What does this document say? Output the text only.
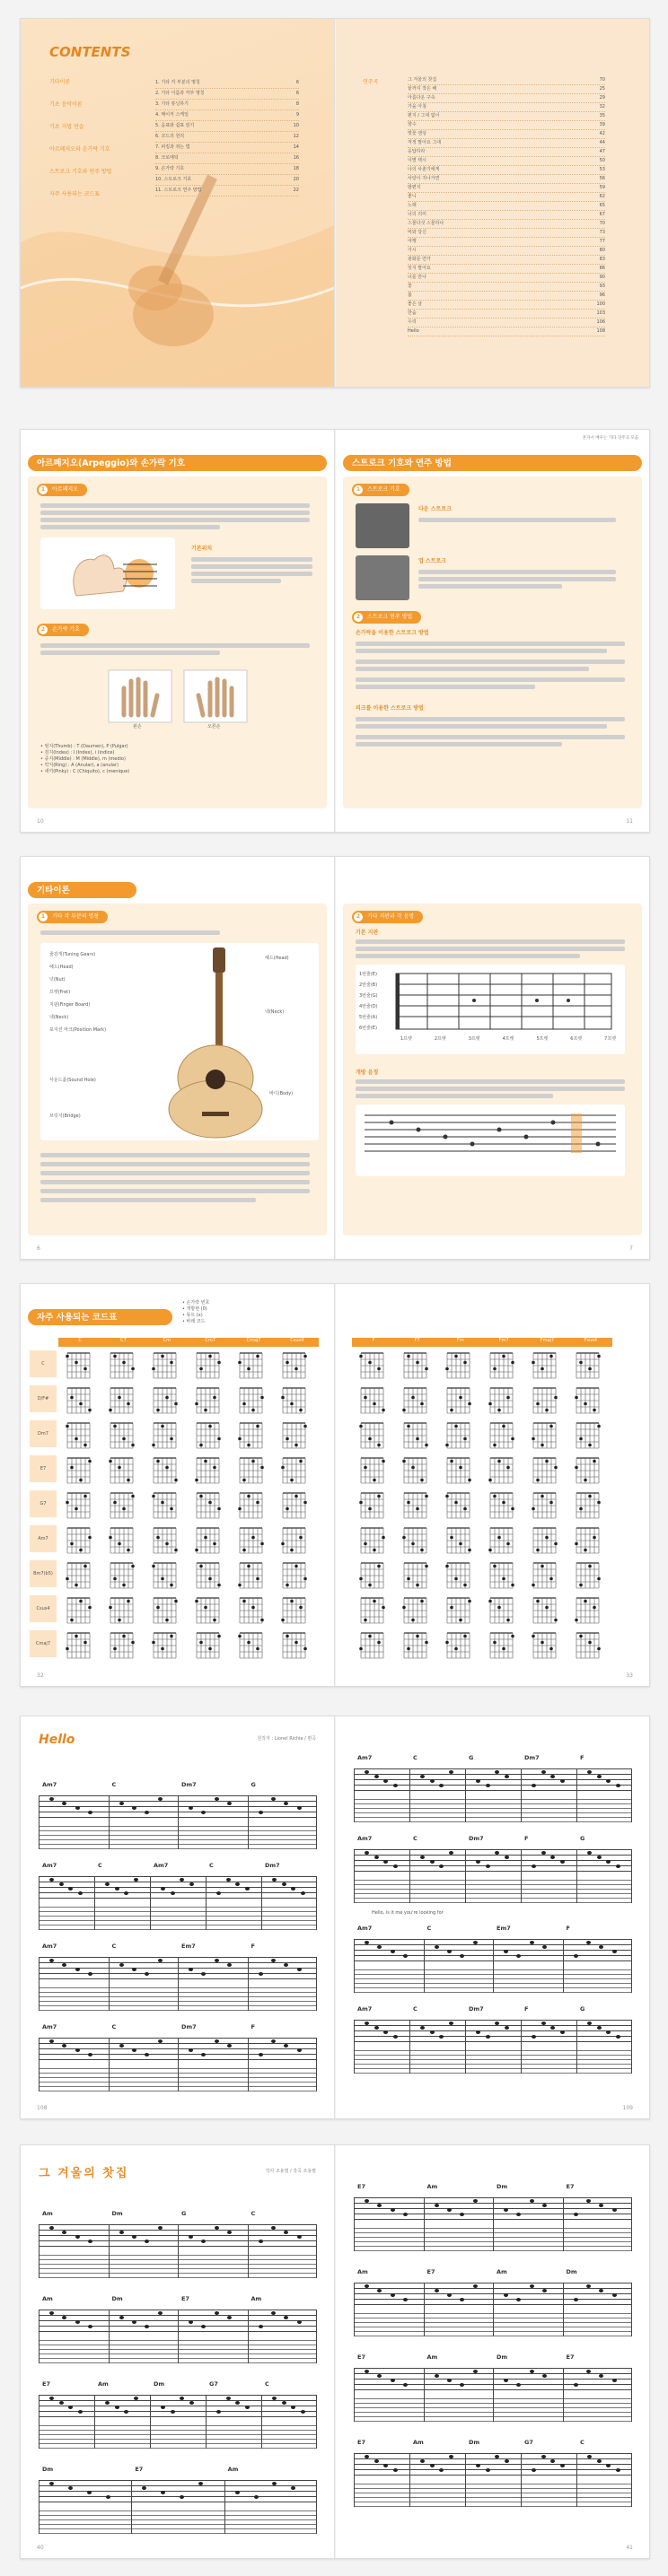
CONTENTS
기타이론
기초 음악이론
기초 지법 연습
아르페지오와 손가락 기호
스트로크 기호와 연주 방법
자주 사용되는 코드표
1. 기타 각 부분의 명칭	6
2. 기타 이름과 각부 명칭	6
3. 기타 튜닝하기	8
4. 메이저 스케일	9
5. 음표와 쉼표 읽기	10
6. 코드의 원리	12
7. 피킹과 쥐는 법	14
8. 크로매틱	16
9. 손가락 기호	18
10. 스트로크 기호	20
11. 스트로크 연주 방법	22
연주곡	그 겨울의 찻집	70
끝까지 작은 배	25
아름다운 구속	29
가을 아침	32
편지 / 그대 없이	35
향수	39
벚꽃 엔딩	42
걱정 말아요 그대	44
응답하라	47
이별 택시	50
나의 사춘기에게	53
사랑이 지나가면	56
밤편지	59
좋니	62
노래	65
너의 의미	67
스물다섯 스물하나	70
비와 당신	73
여행	77
가시	80
광화문 연가	83
잊지 말아요	86
너를 만나	90
꽃	93
봄	96
좋은 날	100
한숨	103
우리	106
Hello	108
아르페지오(Arpeggio)와 손가락 기호
1	아르페지오
기본위치
2	손가락 기호
왼손	오른손
• 엄지(Thumb) : T (Daumen), P (Pulgar)
• 검지(Index) : I (Index), i (indice)
• 중지(Middle) : M (Middle), m (medio)
• 약지(Ring) : A (Anular), a (anular)
• 새끼(Pinky) : C (Chiquito), c (menique)
10
혼자서 배우는 기타 연주곡 모음
스트로크 기호와 연주 방법
1	스트로크 기호
다운 스트로크
업 스트로크
2	스트로크 연주 방법
손가락을 이용한 스트로크 방법
피크를 이용한 스트로크 방법
11
기타이론
1	기타 각 부분의 명칭
줄감개(Tuning Gears)
헤드(Head)
넛(Nut)
프렛(Fret)
지판(Finger Board)
넥(Neck)
포지션 마크(Position Mark)
사운드홀(Sound Hole)
브릿지(Bridge)
헤드(Head)
넥(Neck)
바디(Body)
6
2	기타 지판과 각 음명
기본 지판
1번줄(E)
2번줄(B)
3번줄(G)
4번줄(D)
5번줄(A)
6번줄(E)
1프렛	2프렛	3프렛	4프렛	5프렛	6프렛	7프렛
개방 음정
7
자주 사용되는 코드표
• 손가락 번호
• 개방현 (0)
• 뮤트 (x)
• 바레 코드
C	C7	Cm	Cm7	Cmaj7	Csus4
C
D/F#
Dm7
E7
G7
Am7
Bm7(b5)
Csus4
Cmaj7
32
F	F7	Fm	Fm7	Fmaj7	Fsus4
33
Hello	원작자 : Lionel Richie / 편곡
Am7	C	Dm7	G
Am7	C	Am7	C	Dm7
Am7	C	Em7	F
Am7	C	Dm7	F
108
Am7	C	G	Dm7	F
Am7	C	Dm7	F	G
Hello, is it me you're looking for
Am7	C	Em7	F
Am7	C	Dm7	F	G
109
그 겨울의 찻집	작사 조용필 / 작곡 조용필
Am	Dm	G	C
Am	Dm	E7	Am
E7	Am	Dm	G7	C
Dm	E7	Am
40
E7	Am	Dm	E7
Am	E7	Am	Dm
E7	Am	Dm	E7
E7	Am	Dm	G7	C
41
